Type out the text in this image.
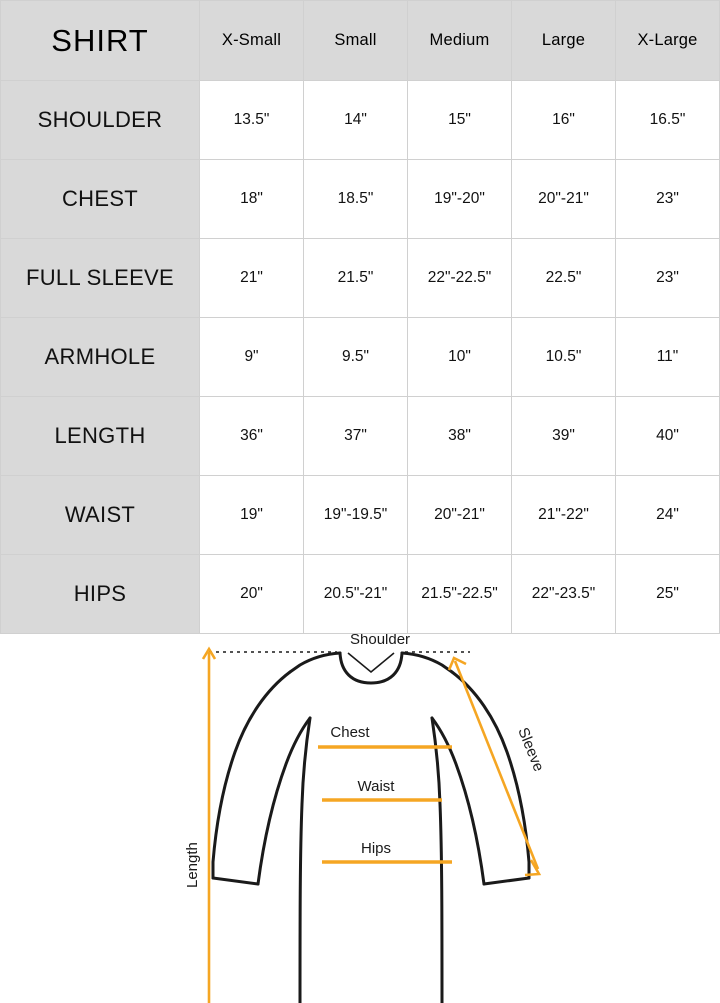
SHIRT	X-Small	Small	Medium	Large	X-Large
SHOULDER	13.5"	14"	15"	16"	16.5"
CHEST	18"	18.5"	19"-20"	20"-21"	23"
FULL SLEEVE	21"	21.5"	22"-22.5"	22.5"	23"
ARMHOLE	9"	9.5"	10"	10.5"	11"
LENGTH	36"	37"	38"	39"	40"
WAIST	19"	19"-19.5"	20"-21"	21"-22"	24"
HIPS	20"	20.5"-21"	21.5"-22.5"	22"-23.5"	25"
Shoulder
Chest
Waist
Hips
Sleeve
Length
